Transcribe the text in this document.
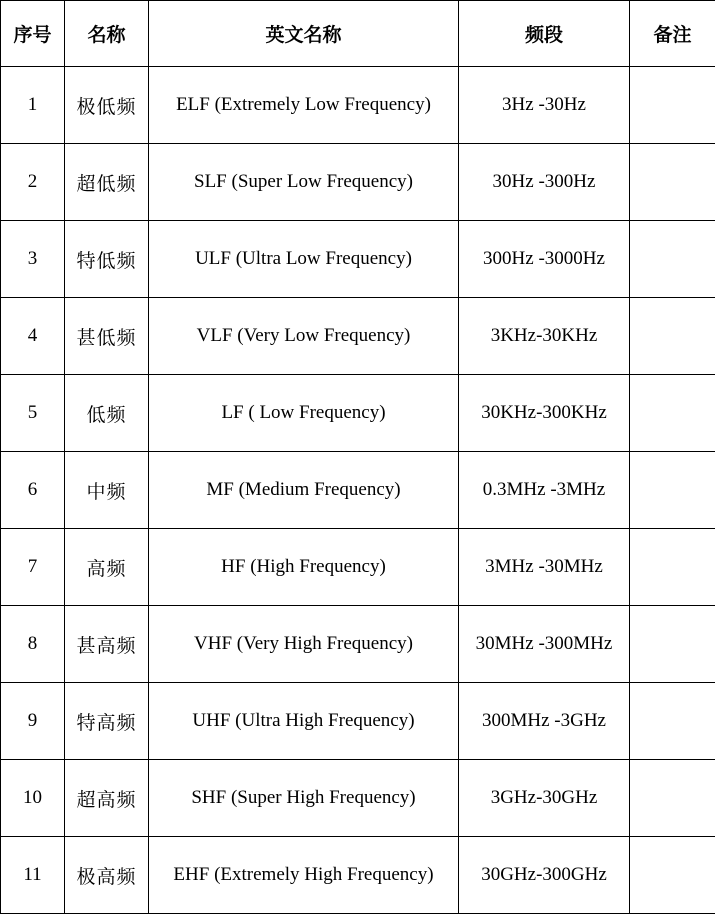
序号	名称	英文名称	频段	备注
1	极低频	ELF (Extremely Low Frequency)	3Hz -30Hz	
2	超低频	SLF (Super Low Frequency)	30Hz -300Hz	
3	特低频	ULF (Ultra Low Frequency)	300Hz -3000Hz	
4	甚低频	VLF (Very Low Frequency)	3KHz-30KHz	
5	低频	LF ( Low Frequency)	30KHz-300KHz	
6	中频	MF (Medium Frequency)	0.3MHz -3MHz	
7	高频	HF (High Frequency)	3MHz -30MHz	
8	甚高频	VHF (Very High Frequency)	30MHz -300MHz	
9	特高频	UHF (Ultra High Frequency)	300MHz -3GHz	
10	超高频	SHF (Super High Frequency)	3GHz-30GHz	
11	极高频	EHF (Extremely High Frequency)	30GHz-300GHz	
